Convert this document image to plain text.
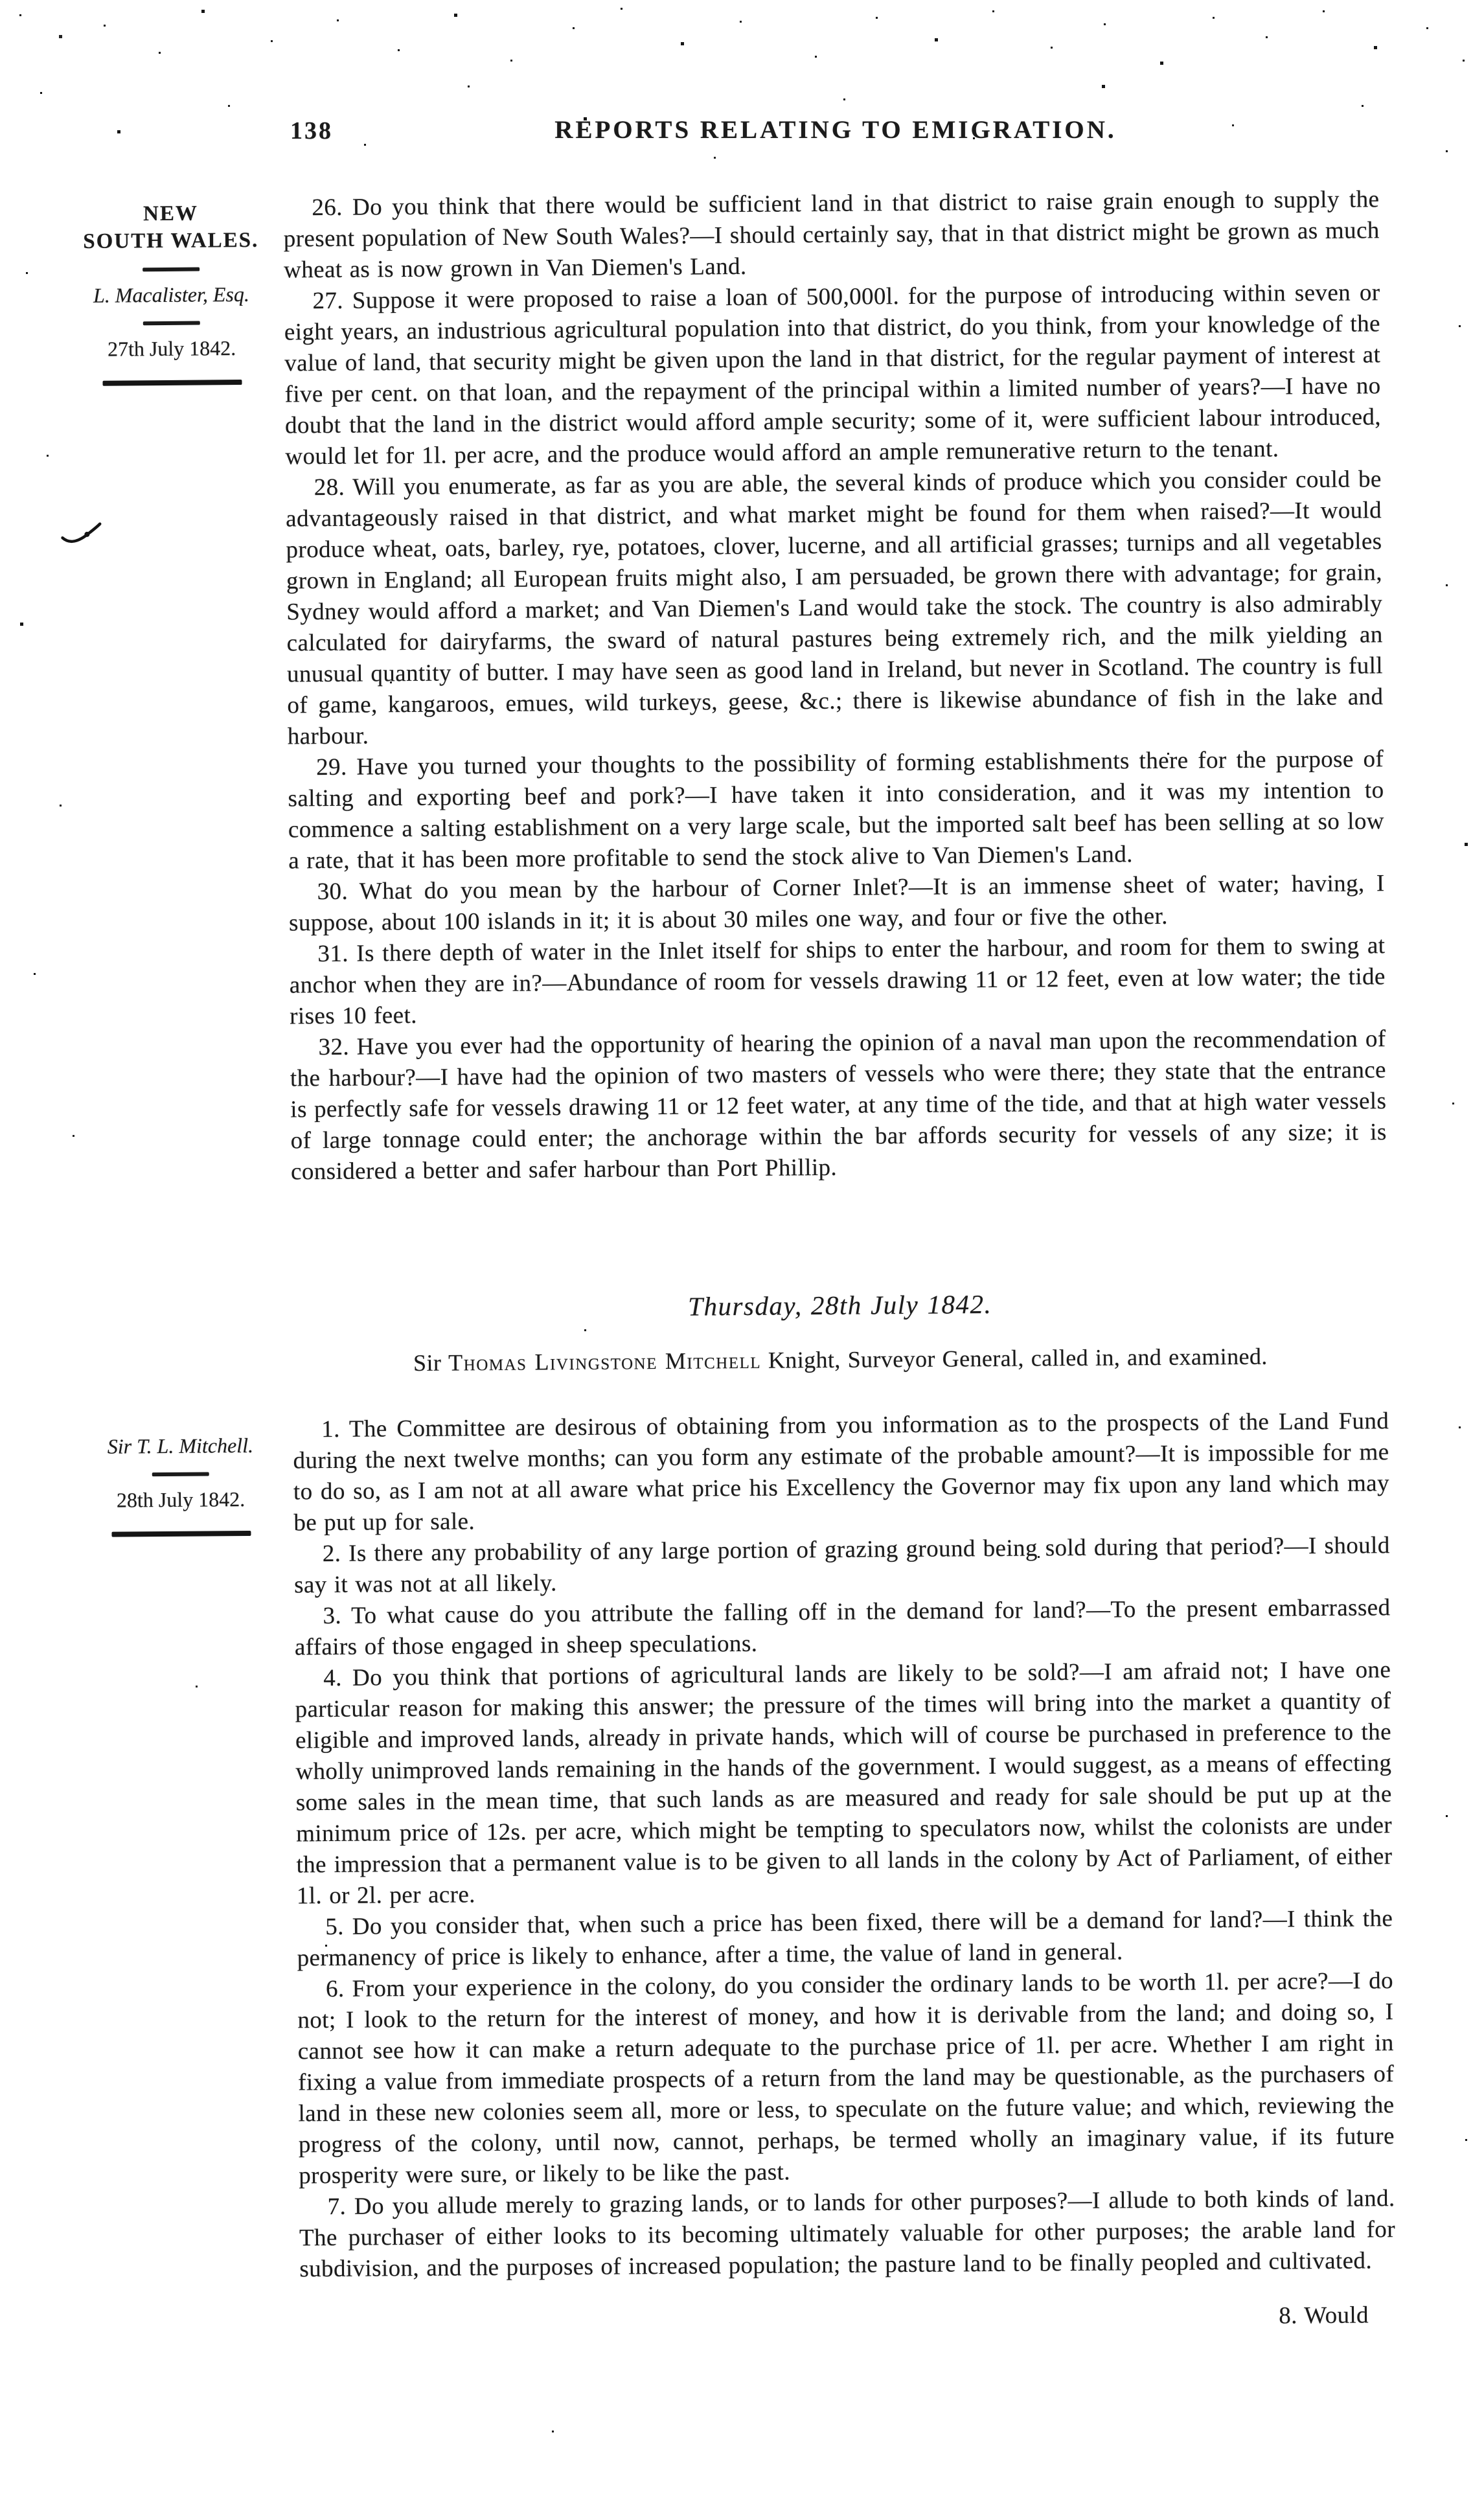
138	REPORTS RELATING TO EMIGRATION.
NEW
SOUTH WALES.
L. Macalister, Esq.
27th July 1842.
Sir T. L. Mitchell.
28th July 1842.

26. Do you think that there would be sufficient land in that district to raise grain enough to supply the present population of New South Wales?—I should certainly say, that in that district might be grown as much wheat as is now grown in Van Diemen's Land.

27. Suppose it were proposed to raise a loan of 500,000l. for the purpose of introducing within seven or eight years, an industrious agricultural population into that district, do you think, from your knowledge of the value of land, that security might be given upon the land in that district, for the regular payment of interest at five per cent. on that loan, and the repayment of the principal within a limited number of years?—I have no doubt that the land in the district would afford ample security; some of it, were sufficient labour introduced, would let for 1l. per acre, and the produce would afford an ample remunerative return to the tenant.

28. Will you enumerate, as far as you are able, the several kinds of produce which you consider could be advantageously raised in that district, and what market might be found for them when raised?—It would produce wheat, oats, barley, rye, potatoes, clover, lucerne, and all artificial grasses; turnips and all vegetables grown in England; all European fruits might also, I am persuaded, be grown there with advantage; for grain, Sydney would afford a market; and Van Diemen's Land would take the stock. The country is also admirably calculated for dairyfarms, the sward of natural pastures being extremely rich, and the milk yielding an unusual quantity of butter. I may have seen as good land in Ireland, but never in Scotland. The country is full of game, kangaroos, emues, wild turkeys, geese, &c.; there is likewise abundance of fish in the lake and harbour.

29. Have you turned your thoughts to the possibility of forming establishments there for the purpose of salting and exporting beef and pork?—I have taken it into consideration, and it was my intention to commence a salting establishment on a very large scale, but the imported salt beef has been selling at so low a rate, that it has been more profitable to send the stock alive to Van Diemen's Land.

30. What do you mean by the harbour of Corner Inlet?—It is an immense sheet of water; having, I suppose, about 100 islands in it; it is about 30 miles one way, and four or five the other.

31. Is there depth of water in the Inlet itself for ships to enter the harbour, and room for them to swing at anchor when they are in?—Abundance of room for vessels drawing 11 or 12 feet, even at low water; the tide rises 10 feet.

32. Have you ever had the opportunity of hearing the opinion of a naval man upon the recommendation of the harbour?—I have had the opinion of two masters of vessels who were there; they state that the entrance is perfectly safe for vessels drawing 11 or 12 feet water, at any time of the tide, and that at high water vessels of large tonnage could enter; the anchorage within the bar affords security for vessels of any size; it is considered a better and safer harbour than Port Phillip.

Thursday, 28th July 1842.

Sir Thomas Livingstone Mitchell Knight, Surveyor General, called in, and examined.

1. The Committee are desirous of obtaining from you information as to the prospects of the Land Fund during the next twelve months; can you form any estimate of the probable amount?—It is impossible for me to do so, as I am not at all aware what price his Excellency the Governor may fix upon any land which may be put up for sale.

2. Is there any probability of any large portion of grazing ground being sold during that period?—I should say it was not at all likely.

3. To what cause do you attribute the falling off in the demand for land?—To the present embarrassed affairs of those engaged in sheep speculations.

4. Do you think that portions of agricultural lands are likely to be sold?—I am afraid not; I have one particular reason for making this answer; the pressure of the times will bring into the market a quantity of eligible and improved lands, already in private hands, which will of course be purchased in preference to the wholly unimproved lands remaining in the hands of the government. I would suggest, as a means of effecting some sales in the mean time, that such lands as are measured and ready for sale should be put up at the minimum price of 12s. per acre, which might be tempting to speculators now, whilst the colonists are under the impression that a permanent value is to be given to all lands in the colony by Act of Parliament, of either 1l. or 2l. per acre.

5. Do you consider that, when such a price has been fixed, there will be a demand for land?—I think the permanency of price is likely to enhance, after a time, the value of land in general.

6. From your experience in the colony, do you consider the ordinary lands to be worth 1l. per acre?—I do not; I look to the return for the interest of money, and how it is derivable from the land; and doing so, I cannot see how it can make a return adequate to the purchase price of 1l. per acre. Whether I am right in fixing a value from immediate prospects of a return from the land may be questionable, as the purchasers of land in these new colonies seem all, more or less, to speculate on the future value; and which, reviewing the progress of the colony, until now, cannot, perhaps, be termed wholly an imaginary value, if its future prosperity were sure, or likely to be like the past.

7. Do you allude merely to grazing lands, or to lands for other purposes?—I allude to both kinds of land. The purchaser of either looks to its becoming ultimately valuable for other purposes; the arable land for subdivision, and the purposes of increased population; the pasture land to be finally peopled and cultivated.

8. Would
